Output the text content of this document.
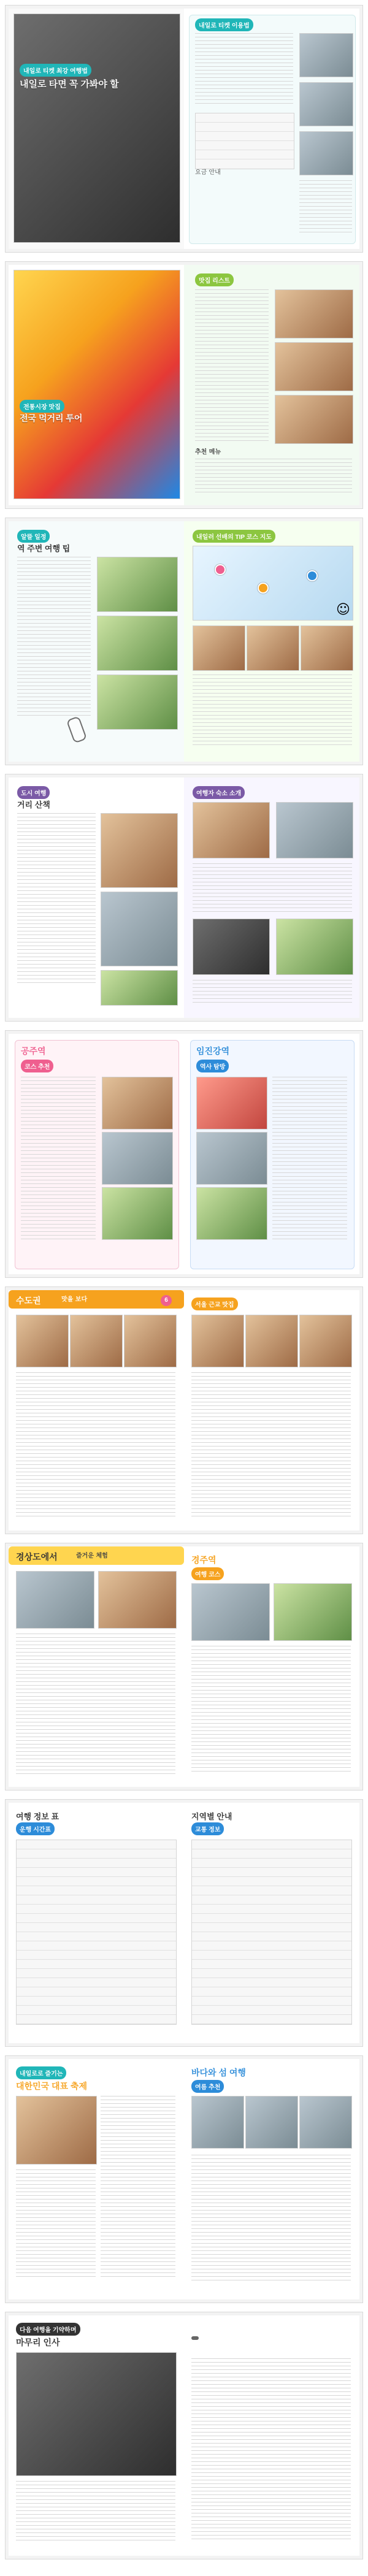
내일로 티켓 최강 여행법
내일로 타면 꼭 가봐야 할
내일로 티켓 이용법
요금 안내
전통시장 맛집
전국 먹거리 투어
맛집 리스트
추천 메뉴
알뜰 일정
역 주변 여행 팁
내일러 선배의 TIP 코스 지도
☺
도시 여행
거리 산책
여행자 숙소 소개
공주역
코스 추천
임진강역
역사 탐방
수도권	맛을 보다	6
서울 근교 맛집
경상도에서	즐거운 체험	경주역
여행 코스
여행 정보 표
운행 시간표
지역별 안내
교통 정보
내일로로 즐기는
대한민국 대표 축제
바다와 섬 여행
여름 추천
다음 여행을 기약하며
마무리 인사
